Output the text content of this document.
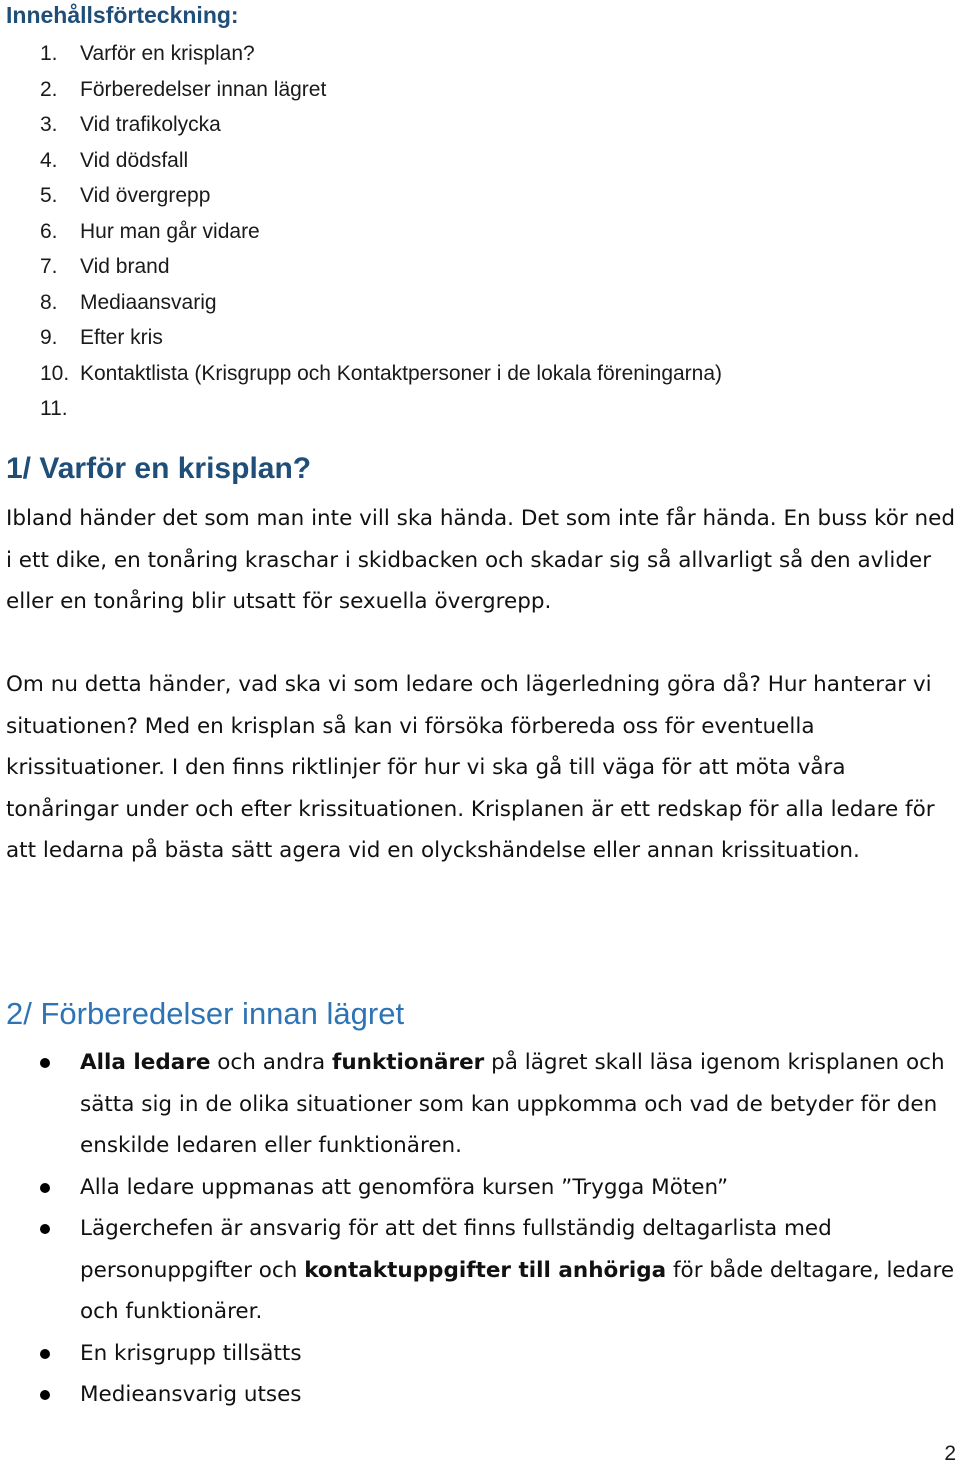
Innehållsförteckning:
1. Varför en krisplan?
2. Förberedelser innan lägret
3. Vid trafikolycka
4. Vid dödsfall
5. Vid övergrepp
6. Hur man går vidare
7. Vid brand
8. Mediaansvarig
9. Efter kris
10. Kontaktlista (Krisgrupp och Kontaktpersoner i de lokala föreningarna)
11.
1/ Varför en krisplan?

Ibland händer det som man inte vill ska hända. Det som inte får hända. En buss kör ned i ett dike, en tonåring kraschar i skidbacken och skadar sig så allvarligt så den avlider eller en tonåring blir utsatt för sexuella övergrepp.

Om nu detta händer, vad ska vi som ledare och lägerledning göra då? Hur hanterar vi situationen? Med en krisplan så kan vi försöka förbereda oss för eventuella krissituationer. I den finns riktlinjer för hur vi ska gå till väga för att möta våra tonåringar under och efter krissituationen. Krisplanen är ett redskap för alla ledare för att ledarna på bästa sätt agera vid en olyckshändelse eller annan krissituation.

2/ Förberedelser innan lägret
Alla ledare och andra funktionärer på lägret skall läsa igenom krisplanen och sätta sig in de olika situationer som kan uppkomma och vad de betyder för den enskilde ledaren eller funktionären.
Alla ledare uppmanas att genomföra kursen ”Trygga Möten”
Lägerchefen är ansvarig för att det finns fullständig deltagarlista med personuppgifter och kontaktuppgifter till anhöriga för både deltagare, ledare och funktionärer.
En krisgrupp tillsätts
Medieansvarig utses
2
